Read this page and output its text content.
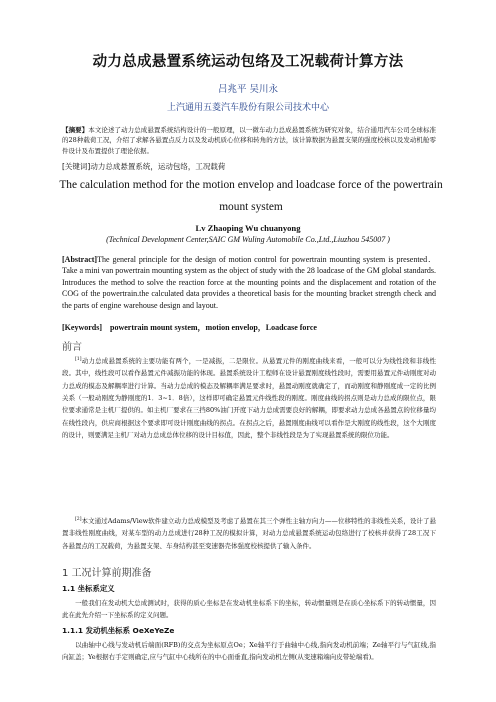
动力总成悬置系统运动包络及工况载荷计算方法
吕兆平 吴川永
上汽通用五菱汽车股份有限公司技术中心
【摘要】本文论述了动力总成悬置系统结构设计的一般原理，以一微车动力总成悬置系统为研究对象，结合通用汽车公司全球标准的28种载荷工况，介绍了求解各悬置点反力以及发动机质心位移和转角的方法，该计算数据为悬置支架的强度校核以及发动机舱零件设计及布置提供了理论依据。
[关键词]动力总成悬置系统，运动包络，工况载荷
The calculation method for the motion envelop and loadcase force of the powertrain mount system
Lv Zhaoping Wu chuanyong
(Technical Development Center,SAIC GM Wuling Automobile Co.,Ltd.,Liuzhou 545007 )
[Abstract]The general principle for the design of motion control for powertrain mounting system is presented．Take a mini van powertrain mounting system as the object of study with the 28 loadcase of the GM global standards. Introduces the method to solve the reaction force at the mounting points and the displacement and rotation of the COG of the powertrain.the calculated data provides a theoretical basis for the mounting bracket strength check and the parts of engine warehouse design and layout.
[Keywords] powertrain mount system，motion envelop，Loadcase force
前言
[1]动力总成悬置系统的主要功能有两个，一是减振，二是限位。从悬置元件的刚度曲线来看，一般可以分为线性段和非线性段。其中，线性段可以看作悬置元件减振功能的体现。悬置系统设计工程师在设计悬置刚度线性段时，需要用悬置元件动刚度对动力总成的模态及解耦率进行计算。当动力总成的模态及解耦率满足要求时，悬置动刚度就确定了，而动刚度和静刚度成一定的比例关系（一般动刚度为静刚度的1．3~1．8倍），这样即可确定悬置元件线性段的刚度。刚度曲线的拐点则是动力总成的限位点，限位要求通常是主机厂提供的。如主机厂要求在三挡80%油门开度下动力总成需要良好的解耦，即要求动力总成各悬置点的位移量均在线性段内，供应商根据这个要求即可设计刚度曲线的拐点。在拐点之后，悬置刚度曲线可以看作是大刚度的线性段，这个大刚度的设计，则要满足主机厂对动力总成总体位移的设计目标值，因此，整个非线性段是为了实现悬置系统的限位功能。
[2]本文通过Adams/View软件建立动力总成模型及考虑了悬置在其三个弹性主轴方向力——位移特性的非线性关系，设计了悬置非线性刚度曲线，对某车型的动力总成进行28种工况的模拟计算，对动力总成悬置系统运动包络进行了校核并获得了28工况下各悬置点的工况载荷，为悬置支架、车身结构甚至变速器壳体强度校核提供了输入条件。
1 工况计算前期准备
1.1 坐标系定义
一般我们在发动机大总成测试时，获得的质心坐标是在发动机坐标系下的坐标，转动惯量则是在质心坐标系下的转动惯量，因此在此先介绍一下坐标系的定义问题。
1.1.1 发动机坐标系 OeXeYeZe
以曲轴中心线与发动机后端面(RFB)的交点为坐标原点Oe；Xe轴平行于曲轴中心线,指向发动机前端；Ze轴平行与气缸线,指向缸盖；Ye根据右手定则确定,应与气缸中心线所在的中心面垂直,指向发动机左侧(从变速箱端向皮带轮端看)。
